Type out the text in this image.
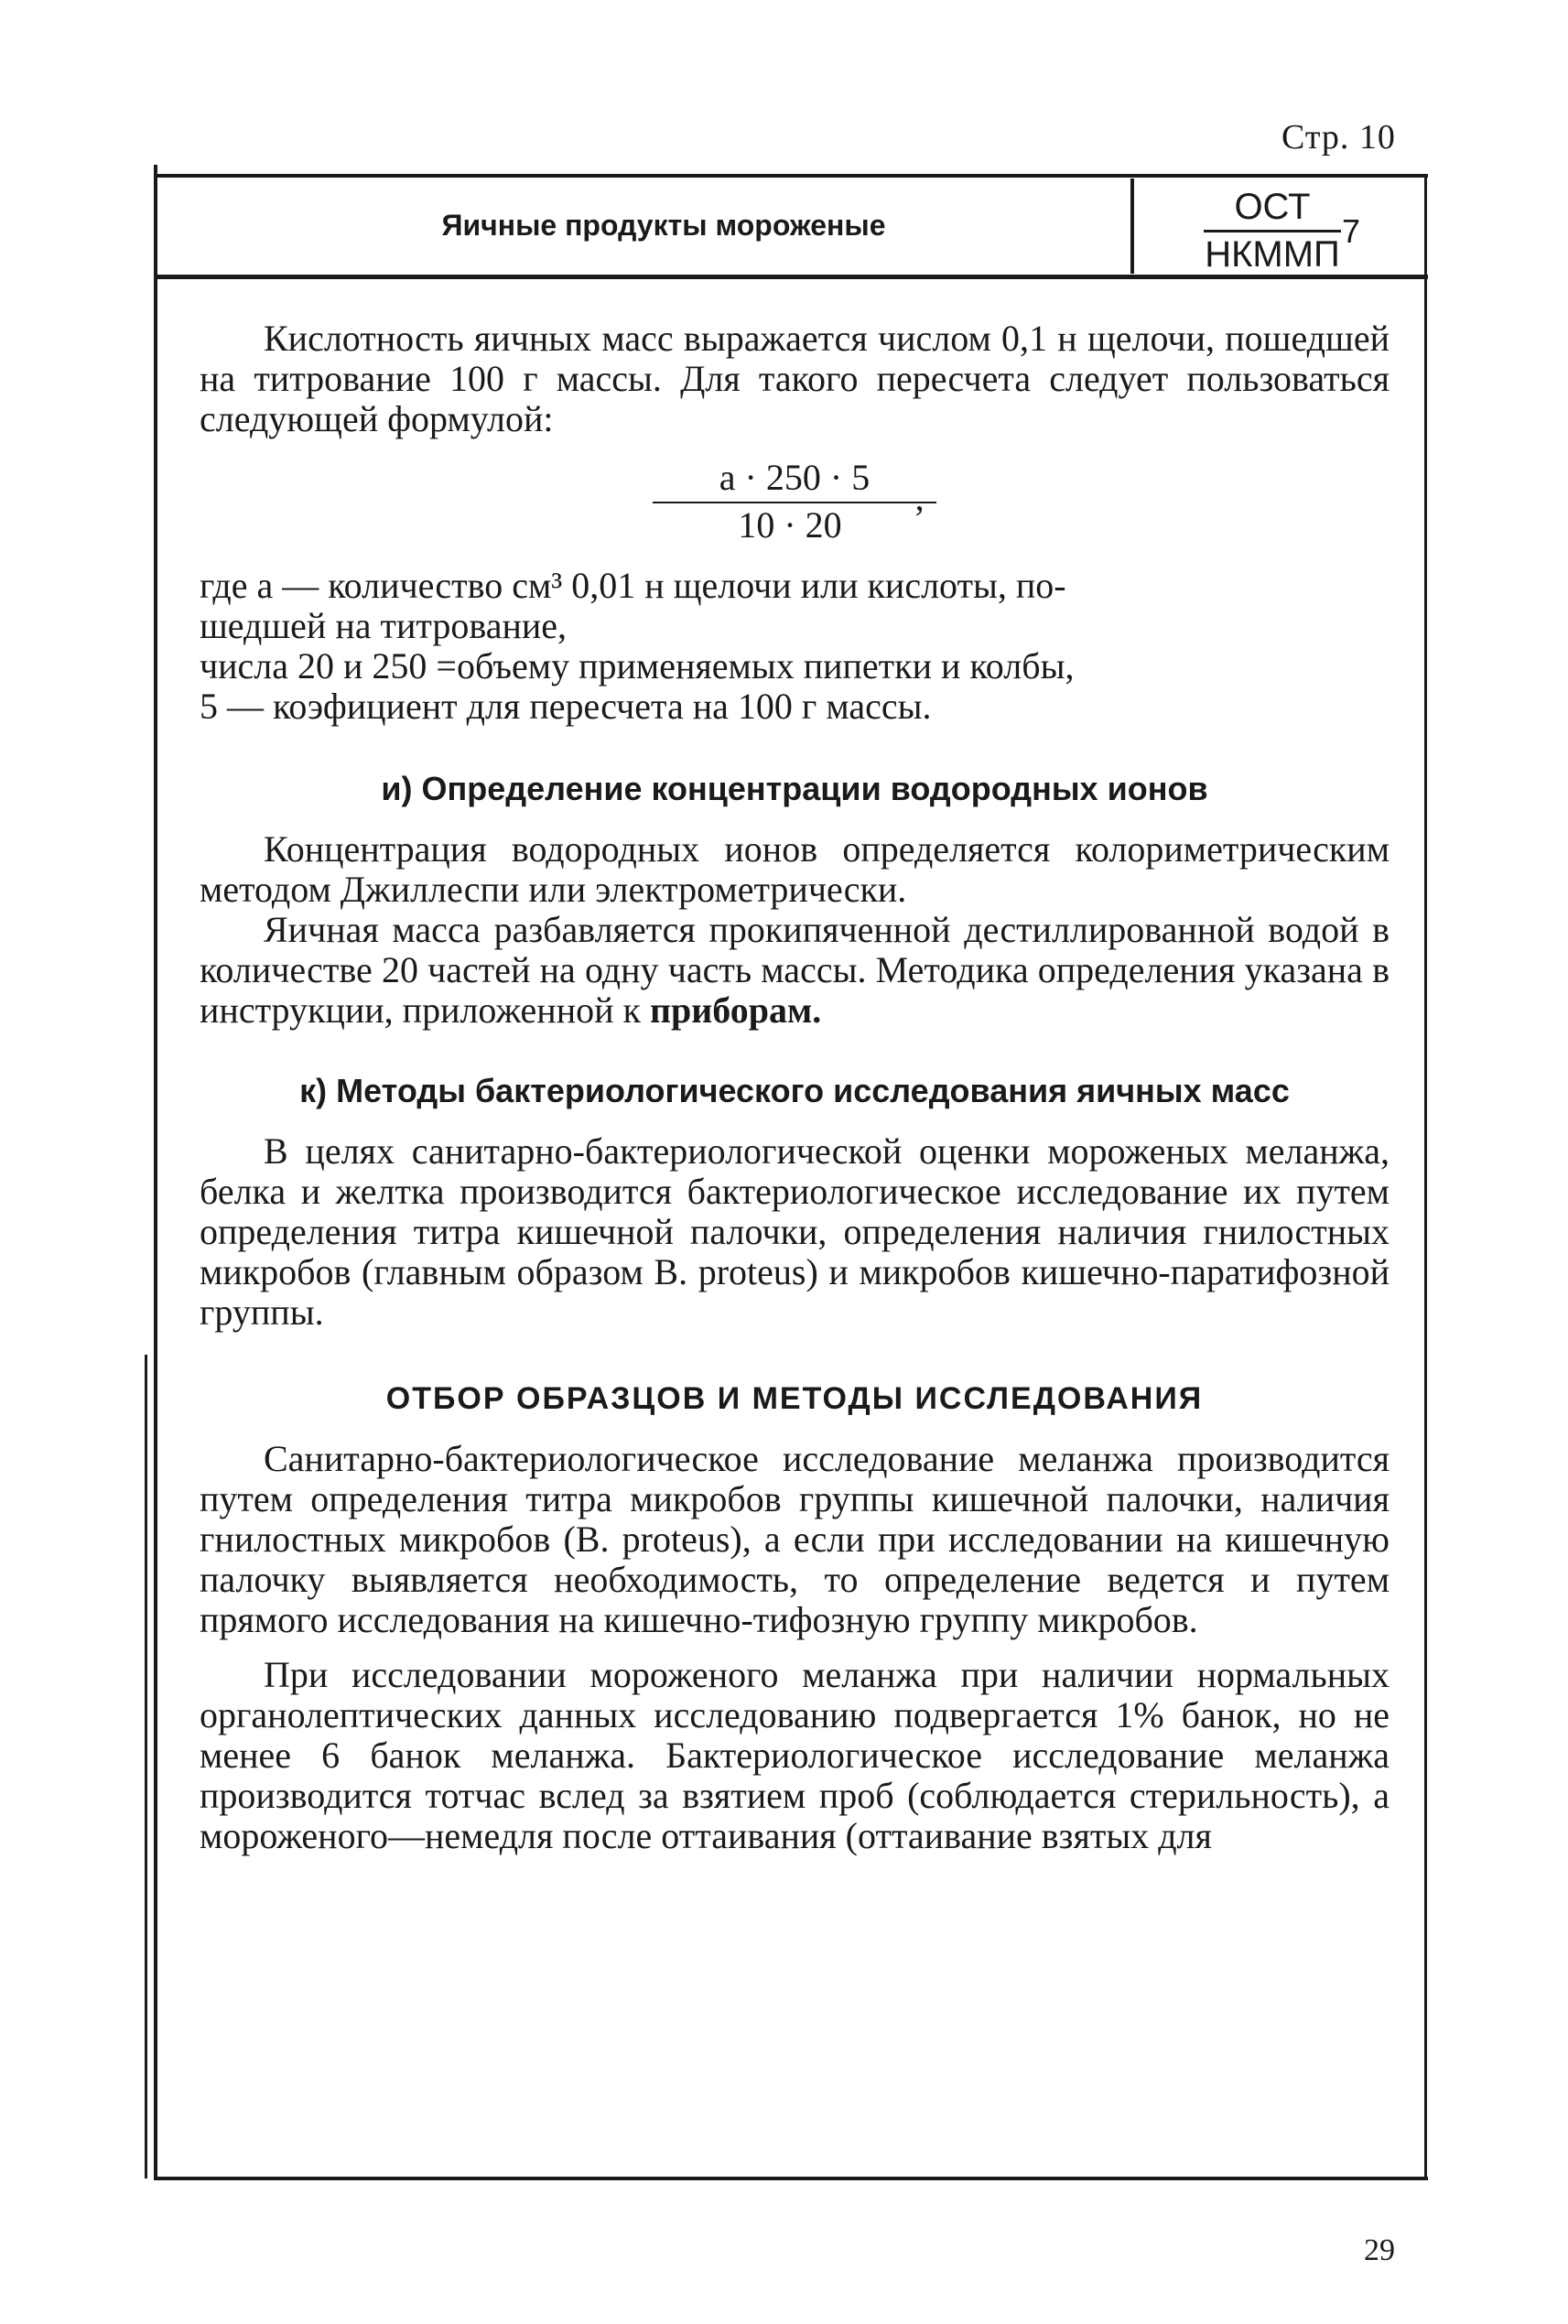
Стр. 10
Яичные продукты мороженые	ОСТ
НКММП
7

Кислотность яичных масс выражается числом 0,1 н щелочи, пошедшей на титрование 100 г массы. Для такого пересчета следует пользоваться следующей формулой:

a · 250 · 5
10 · 20,

где a — количество см³ 0,01 н щелочи или кислоты, по-

шедшей на титрование,

числа 20 и 250 =объему применяемых пипетки и колбы,

5 — коэфициент для пересчета на 100 г массы.

и) Определение концентрации водородных ионов

Концентрация водородных ионов определяется колориметрическим методом Джиллеспи или электрометрически.

Яичная масса разбавляется прокипяченной дестиллированной водой в количестве 20 частей на одну часть массы. Методика определения указана в инструкции, приложенной к приборам.

к) Методы бактериологического исследования яичных масс

В целях санитарно-бактериологической оценки мороженых меланжа, белка и желтка производится бактериологическое исследование их путем определения титра кишечной палочки, определения наличия гнилостных микробов (главным образом B. proteus) и микробов кишечно-паратифозной группы.

ОТБОР ОБРАЗЦОВ И МЕТОДЫ ИССЛЕДОВАНИЯ

Санитарно-бактериологическое исследование меланжа производится путем определения титра микробов группы кишечной палочки, наличия гнилостных микробов (B. proteus), а если при исследовании на кишечную палочку выявляется необходимость, то определение ведется и путем прямого исследования на кишечно-тифозную группу микробов.

При исследовании мороженого меланжа при наличии нормальных органолептических данных исследованию подвергается 1% банок, но не менее 6 банок меланжа. Бактериологическое исследование меланжа производится тотчас вслед за взятием проб (соблюдается стерильность), а мороженого—немедля после оттаивания (оттаивание взятых для

29
